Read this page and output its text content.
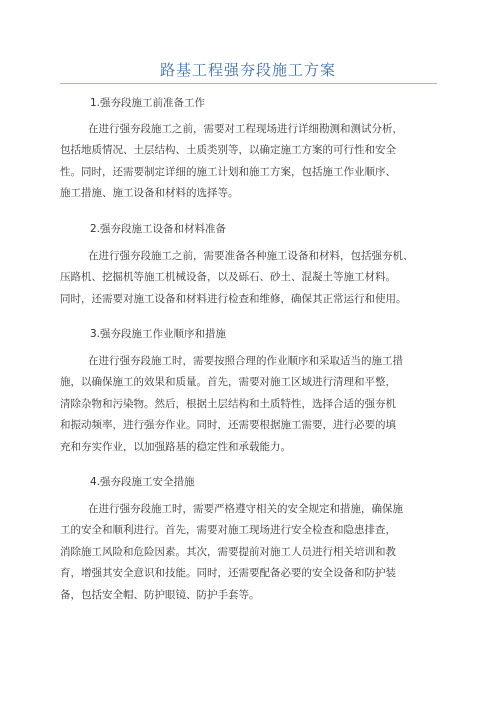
路基工程强夯段施工方案
1.强夯段施工前准备工作
在进行强夯段施工之前，需要对工程现场进行详细勘测和测试分析，
包括地质情况、土层结构、土质类别等，以确定施工方案的可行性和安全
性。同时，还需要制定详细的施工计划和施工方案，包括施工作业顺序、
施工措施、施工设备和材料的选择等。
2.强夯段施工设备和材料准备
在进行强夯段施工之前，需要准备各种施工设备和材料，包括强夯机、
压路机、挖掘机等施工机械设备，以及砾石、砂土、混凝土等施工材料。
同时，还需要对施工设备和材料进行检查和维修，确保其正常运行和使用。
3.强夯段施工作业顺序和措施
在进行强夯段施工时，需要按照合理的作业顺序和采取适当的施工措
施，以确保施工的效果和质量。首先，需要对施工区域进行清理和平整，
清除杂物和污染物。然后，根据土层结构和土质特性，选择合适的强夯机
和振动频率，进行强夯作业。同时，还需要根据施工需要，进行必要的填
充和夯实作业，以加强路基的稳定性和承载能力。
4.强夯段施工安全措施
在进行强夯段施工时，需要严格遵守相关的安全规定和措施，确保施
工的安全和顺利进行。首先，需要对施工现场进行安全检查和隐患排查，
消除施工风险和危险因素。其次，需要提前对施工人员进行相关培训和教
育，增强其安全意识和技能。同时，还需要配备必要的安全设备和防护装
备，包括安全帽、防护眼镜、防护手套等。
